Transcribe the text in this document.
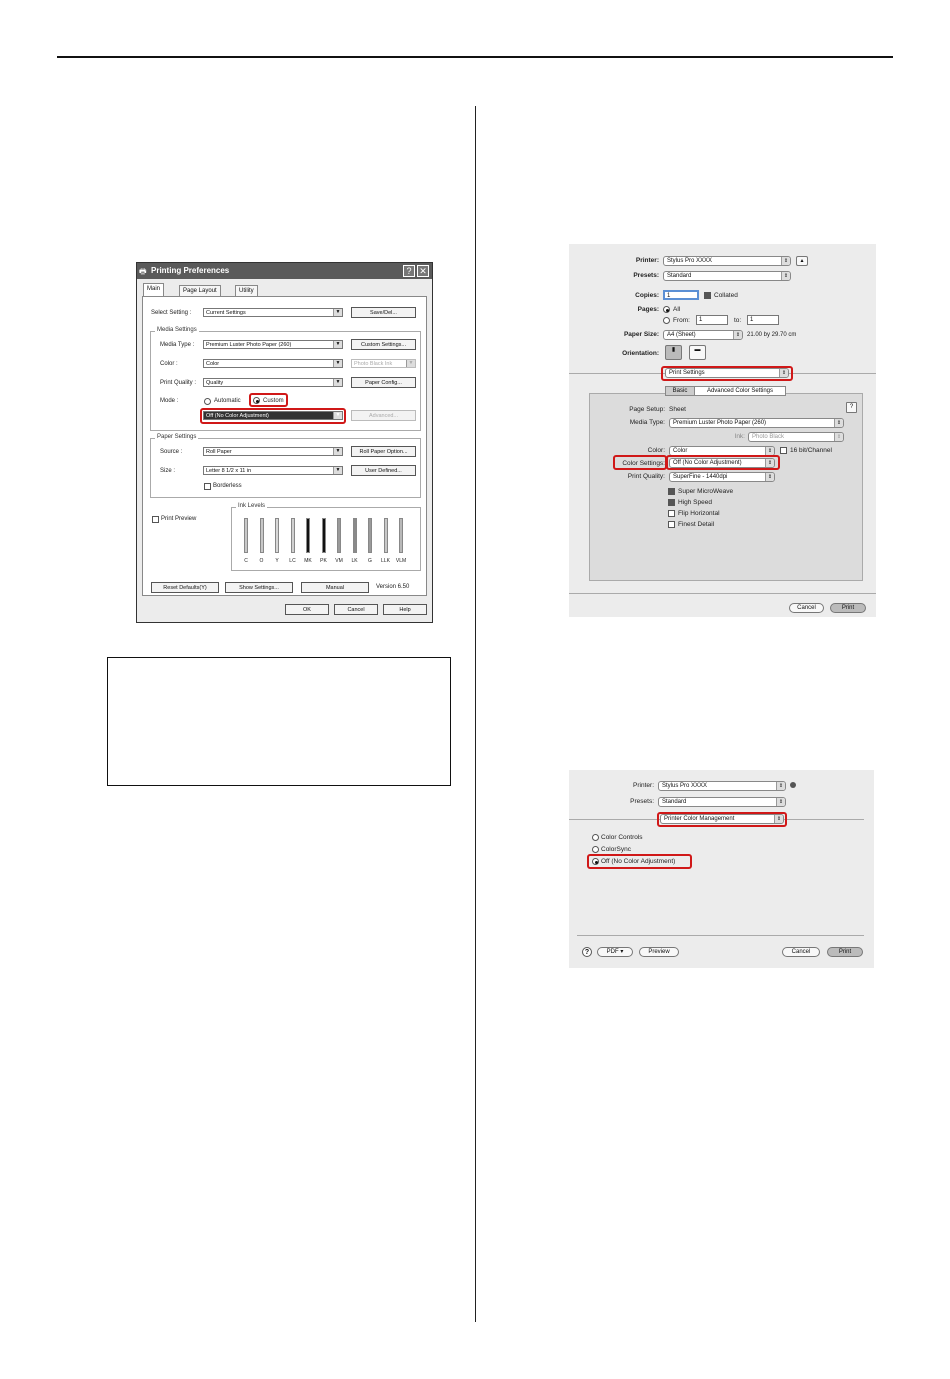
Printing Preferences
🖶	? ✕
Main	Page Layout	Utility
Select Setting :	Current Settings	▼	Save/Del...
Media Settings
Media Type :	Premium Luster Photo Paper (260)	▼	Custom Settings...
Color :	Color	▼	Photo Black Ink	▼
Print Quality :	Quality	▼	Paper Config...
Mode :	Automatic	Custom
Off (No Color Adjustment)	▼	Advanced...
Paper Settings
Source :	Roll Paper	▼	Roll Paper Option...
Size :	Letter 8 1/2 x 11 in	▼	User Defined...
Borderless
Print Preview
Ink Levels
C	O	Y	LC	MK	PK	VM	LK	G	LLK	VLM
Reset Defaults(Y)	Show Settings...	Manual	Version 6.50
OK	Cancel	Help
Printer:	Stylus Pro XXXX	⇕	▴
Presets:	Standard	⇕
Copies:	1	Collated
Pages: All
From:	1	to:	1
Paper Size:	A4 (Sheet)	⇕	21.00 by 29.70 cm
Orientation:	▮	▬
Print Settings	⇕
Page Setup: Sheet	?
Media Type:	Premium Luster Photo Paper (260)	⇕
Ink:	Photo Black	⇕
Color:	Color	⇕	16 bit/Channel
Color Settings:	Off (No Color Adjustment)	⇕
Print Quality:	SuperFine - 1440dpi	⇕
Super MicroWeave
High Speed
Flip Horizontal
Finest Detail
Basic	Advanced Color Settings
Cancel	Print
Printer:	Stylus Pro XXXX	⇕
Presets:	Standard	⇕
Printer Color Management	⇕
Color Controls
ColorSync
Off (No Color Adjustment)
?	PDF ▾	Preview	Cancel	Print
